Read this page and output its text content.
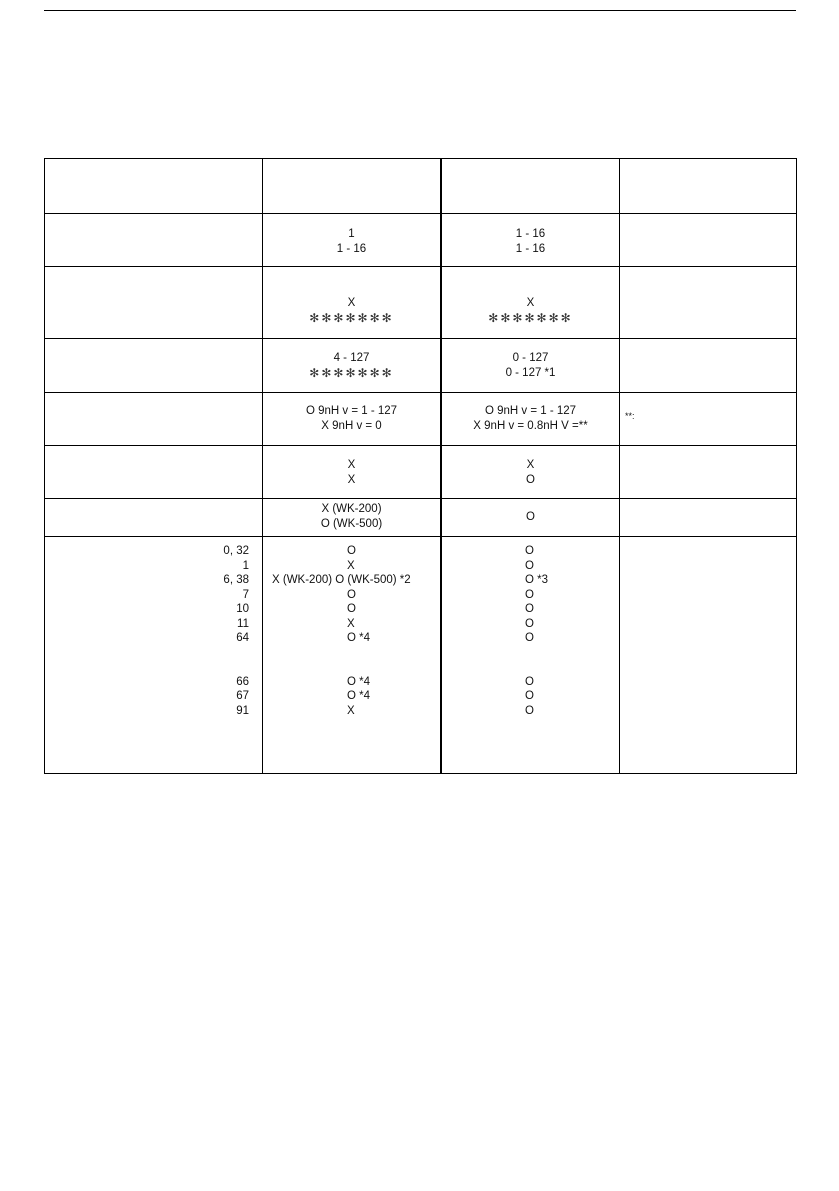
1
1 - 16
1 - 16
1 - 16
X
✻✻✻✻✻✻✻
X
✻✻✻✻✻✻✻
4 - 127
✻✻✻✻✻✻✻
0 - 127
0 - 127 *1
O 9nH v = 1 - 127
X 9nH v = 0
O 9nH v = 1 - 127
X 9nH v = 0.8nH V =**
**:
X
X
X
O
X (WK-200)
O (WK-500)
O
0, 32
1
6, 38
7
10
11
64
66
67
91
O
X
X (WK-200) O (WK-500) *2
O
O
X
O *4
O *4
O *4
X
O
O
O *3
O
O
O
O
O
O
O
